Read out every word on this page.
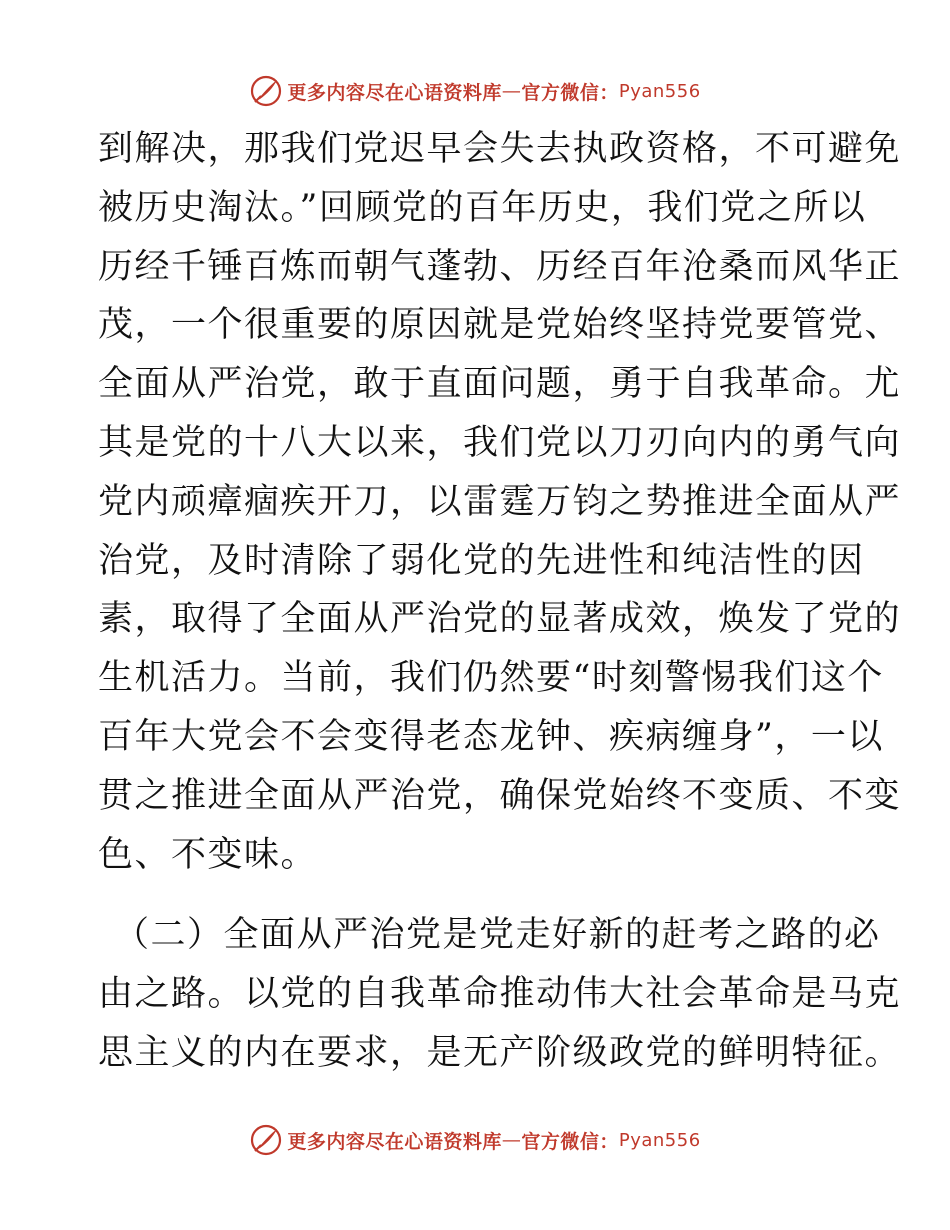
更多内容尽在心语资料库 — 官方微信： Pyan556
到解决，那我们党迟早会失去执政资格，不可避免
被历史淘汰。”回顾党的百年历史，我们党之所以
历经千锤百炼而朝气蓬勃、历经百年沧桑而风华正
茂，一个很重要的原因就是党始终坚持党要管党、
全面从严治党，敢于直面问题，勇于自我革命。尤
其是党的十八大以来，我们党以刀刃向内的勇气向
党内顽瘴痼疾开刀，以雷霆万钧之势推进全面从严
治党，及时清除了弱化党的先进性和纯洁性的因
素，取得了全面从严治党的显著成效，焕发了党的
生机活力。当前，我们仍然要“时刻警惕我们这个
百年大党会不会变得老态龙钟、疾病缠身”，一以
贯之推进全面从严治党，确保党始终不变质、不变
色、不变味。
（二）全面从严治党是党走好新的赶考之路的必
由之路。以党的自我革命推动伟大社会革命是马克
思主义的内在要求，是无产阶级政党的鲜明特征。
更多内容尽在心语资料库 — 官方微信： Pyan556
